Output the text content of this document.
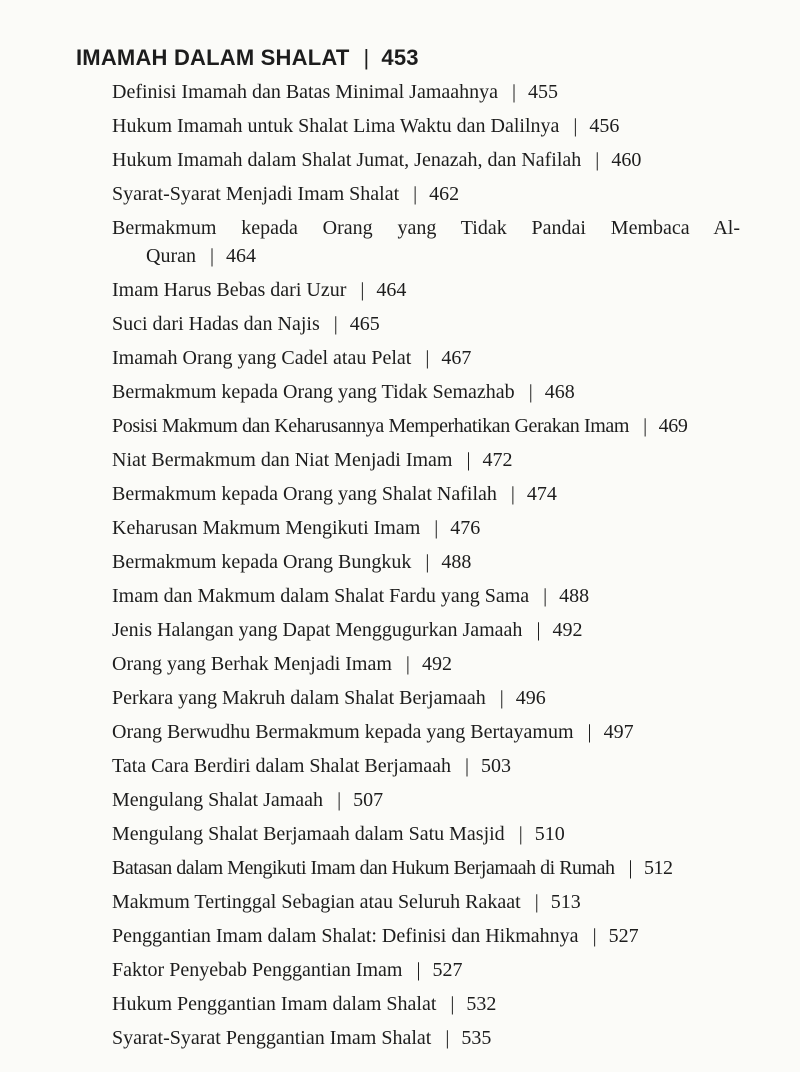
IMAMAH DALAM SHALAT | 453
Definisi Imamah dan Batas Minimal Jamaahnya | 455
Hukum Imamah untuk Shalat Lima Waktu dan Dalilnya | 456
Hukum Imamah dalam Shalat Jumat, Jenazah, dan Nafilah | 460
Syarat-Syarat Menjadi Imam Shalat | 462
Bermakmum kepada Orang yang Tidak Pandai Membaca Al-
Quran | 464
Imam Harus Bebas dari Uzur | 464
Suci dari Hadas dan Najis | 465
Imamah Orang yang Cadel atau Pelat | 467
Bermakmum kepada Orang yang Tidak Semazhab | 468
Posisi Makmum dan Keharusannya Memperhatikan Gerakan Imam | 469
Niat Bermakmum dan Niat Menjadi Imam | 472
Bermakmum kepada Orang yang Shalat Nafilah | 474
Keharusan Makmum Mengikuti Imam | 476
Bermakmum kepada Orang Bungkuk | 488
Imam dan Makmum dalam Shalat Fardu yang Sama | 488
Jenis Halangan yang Dapat Menggugurkan Jamaah | 492
Orang yang Berhak Menjadi Imam | 492
Perkara yang Makruh dalam Shalat Berjamaah | 496
Orang Berwudhu Bermakmum kepada yang Bertayamum | 497
Tata Cara Berdiri dalam Shalat Berjamaah | 503
Mengulang Shalat Jamaah | 507
Mengulang Shalat Berjamaah dalam Satu Masjid | 510
Batasan dalam Mengikuti Imam dan Hukum Berjamaah di Rumah | 512
Makmum Tertinggal Sebagian atau Seluruh Rakaat | 513
Penggantian Imam dalam Shalat: Definisi dan Hikmahnya | 527
Faktor Penyebab Penggantian Imam | 527
Hukum Penggantian Imam dalam Shalat | 532
Syarat-Syarat Penggantian Imam Shalat | 535
